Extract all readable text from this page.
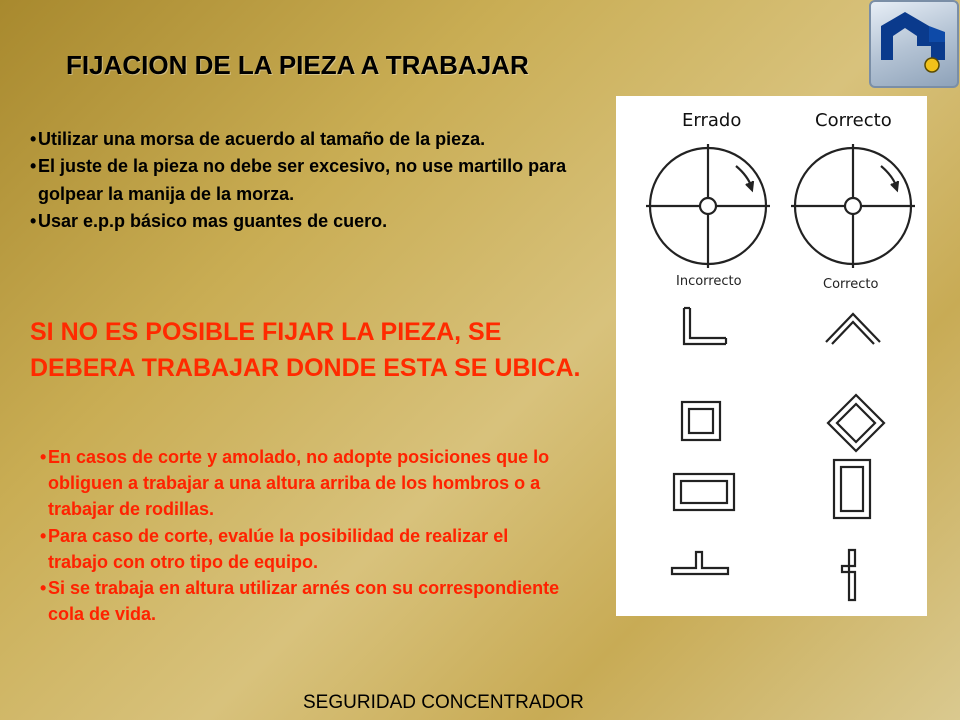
FIJACION DE LA PIEZA A TRABAJAR
• Utilizar una morsa de acuerdo al tamaño de la pieza.
• El juste de la pieza no debe ser excesivo, no use martillo para golpear la manija de la morza.
• Usar e.p.p básico mas guantes de cuero.

SI NO ES POSIBLE FIJAR LA PIEZA, SE DEBERA TRABAJAR DONDE ESTA SE UBICA.

• En casos de corte y amolado, no adopte posiciones que lo obliguen a trabajar a una altura arriba de los hombros o a trabajar de rodillas.
• Para caso de corte, evalúe la posibilidad de realizar el trabajo con otro tipo de equipo.
• Si se trabaja en altura utilizar arnés con su correspondiente cola de vida.
Errado	Correcto
Incorrecto	Correcto

SEGURIDAD CONCENTRADOR
